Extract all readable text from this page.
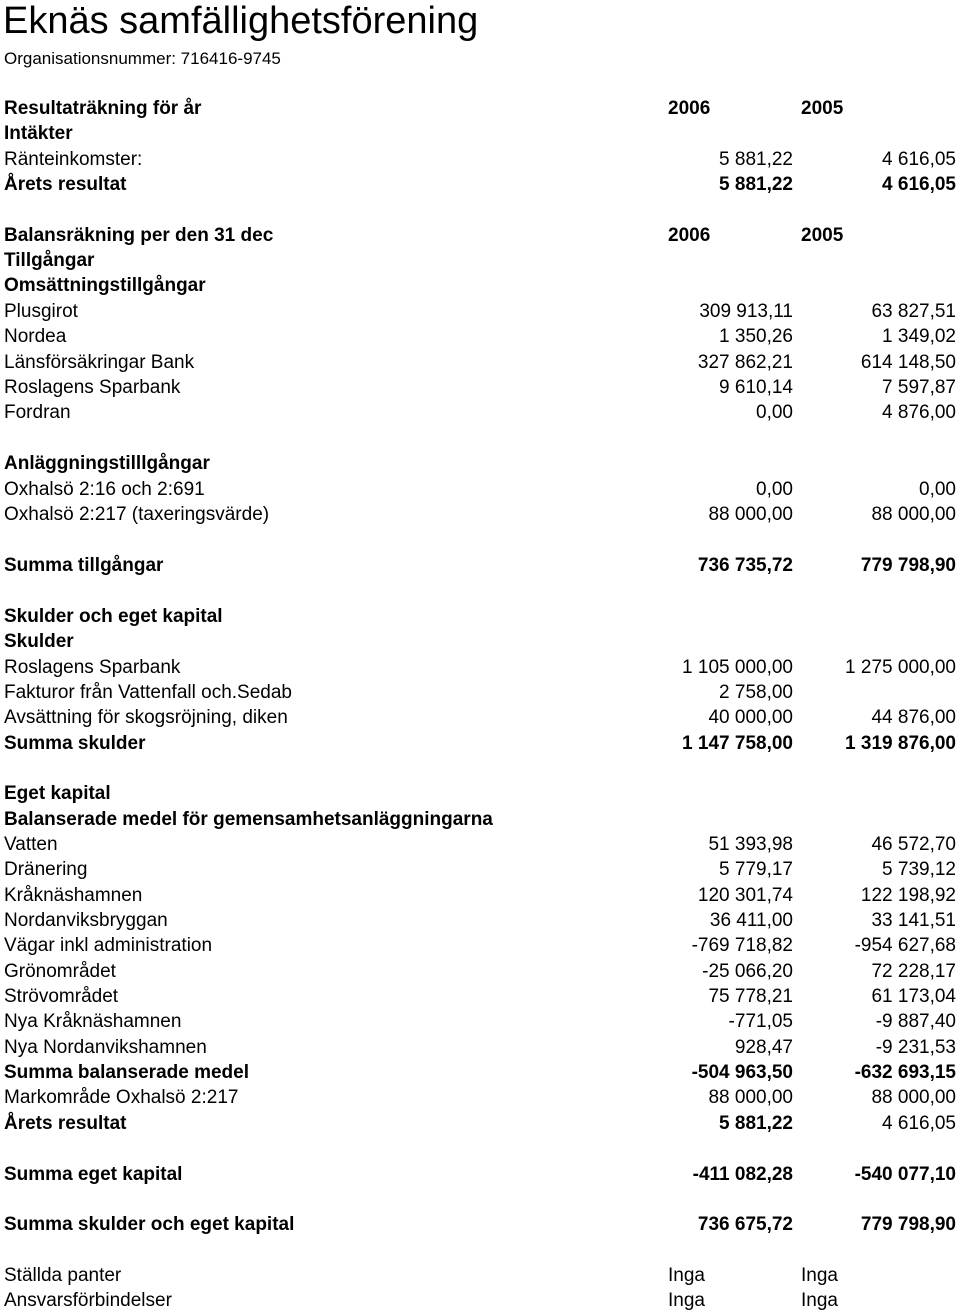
Eknäs samfällighetsförening
Organisationsnummer: 716416-9745
Resultaträkning för år	2006	2005
Intäkter
Ränteinkomster:	5 881,22	4 616,05
Årets resultat	5 881,22	4 616,05
Balansräkning per den 31 dec	2006	2005
Tillgångar
Omsättningstillgångar
Plusgirot	309 913,11	63 827,51
Nordea	1 350,26	1 349,02
Länsförsäkringar Bank	327 862,21	614 148,50
Roslagens Sparbank	9 610,14	7 597,87
Fordran	0,00	4 876,00
Anläggningstilllgångar
Oxhalsö 2:16 och 2:691	0,00	0,00
Oxhalsö 2:217 (taxeringsvärde)	88 000,00	88 000,00
Summa tillgångar	736 735,72	779 798,90
Skulder och eget kapital
Skulder
Roslagens Sparbank	1 105 000,00	1 275 000,00
Fakturor från Vattenfall och.Sedab	2 758,00
Avsättning för skogsröjning, diken	40 000,00	44 876,00
Summa skulder	1 147 758,00	1 319 876,00
Eget kapital
Balanserade medel för gemensamhetsanläggningarna
Vatten	51 393,98	46 572,70
Dränering	5 779,17	5 739,12
Kråknäshamnen	120 301,74	122 198,92
Nordanviksbryggan	36 411,00	33 141,51
Vägar inkl administration	-769 718,82	-954 627,68
Grönområdet	-25 066,20	72 228,17
Strövområdet	75 778,21	61 173,04
Nya Kråknäshamnen	-771,05	-9 887,40
Nya Nordanvikshamnen	928,47	-9 231,53
Summa balanserade medel	-504 963,50	-632 693,15
Markområde Oxhalsö 2:217	88 000,00	88 000,00
Årets resultat	5 881,22	4 616,05
Summa eget kapital	-411 082,28	-540 077,10
Summa skulder och eget kapital	736 675,72	779 798,90
Ställda panter	Inga	Inga
Ansvarsförbindelser	Inga	Inga
